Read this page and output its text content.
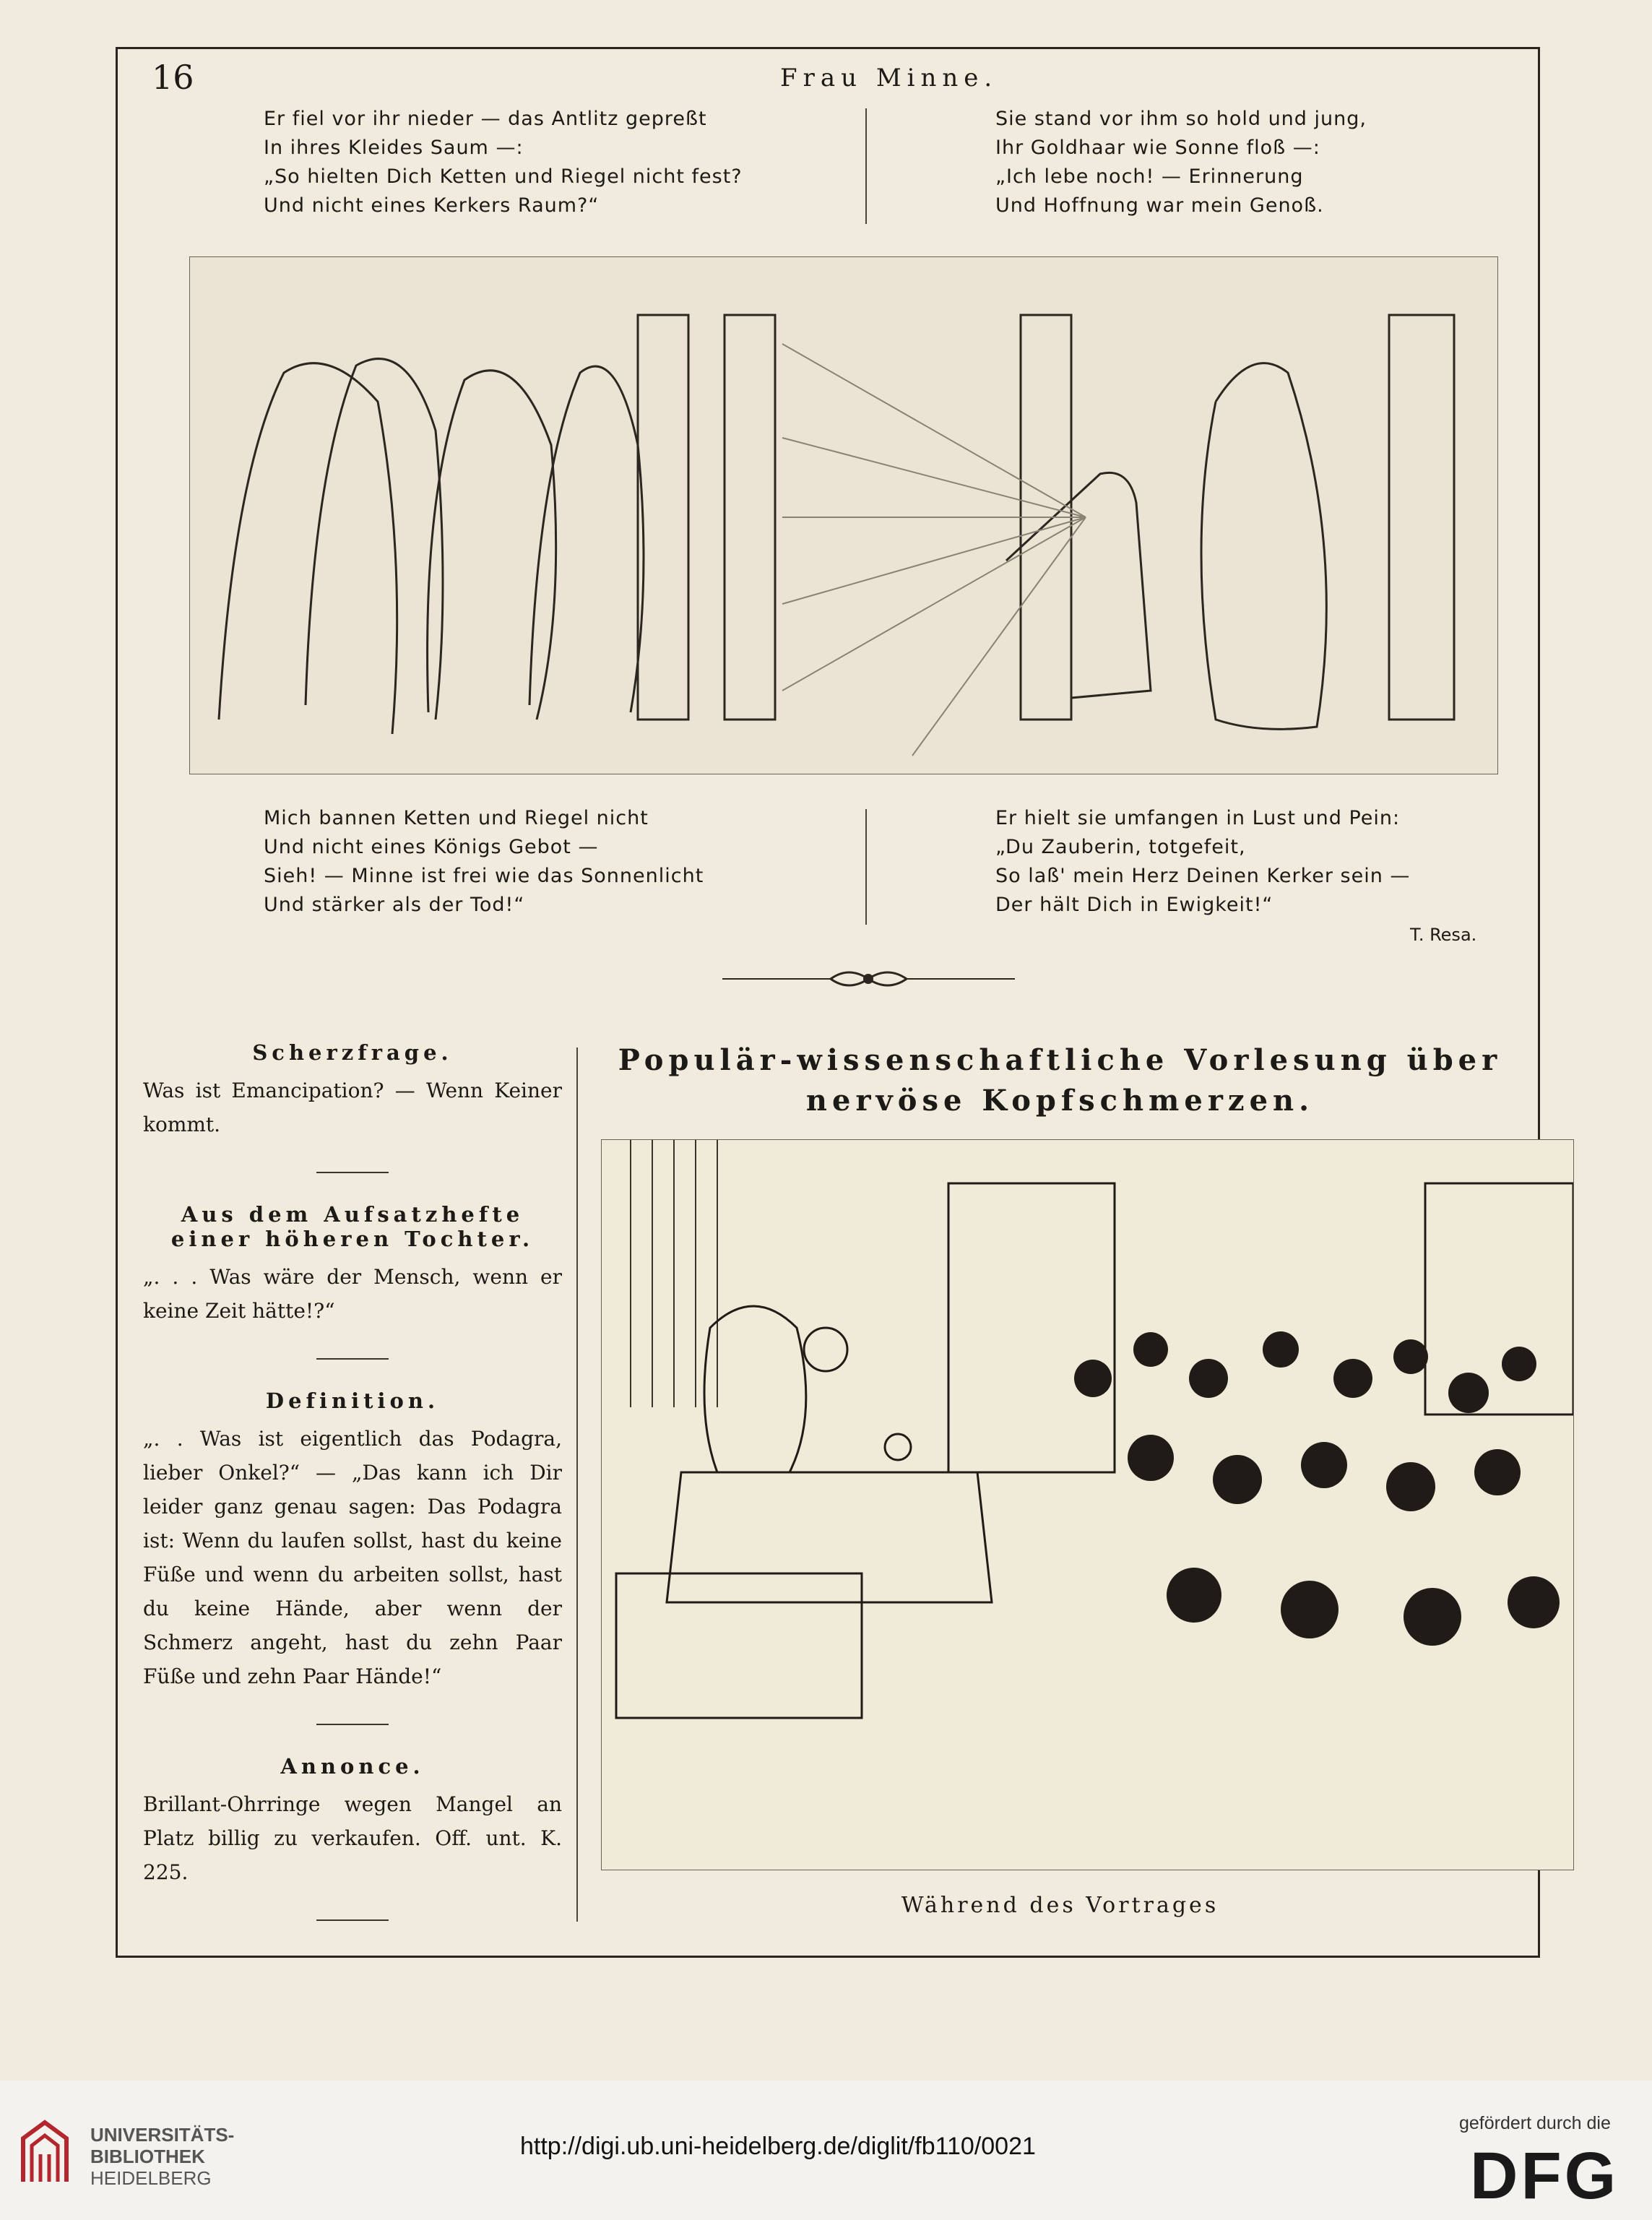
16	Frau Minne.
Er fiel vor ihr nieder — das Antlitz gepreßt
In ihres Kleides Saum —:
„So hielten Dich Ketten und Riegel nicht fest?
Und nicht eines Kerkers Raum?“
Sie stand vor ihm so hold und jung,
Ihr Goldhaar wie Sonne floß —:
„Ich lebe noch! — Erinnerung
Und Hoffnung war mein Genoß.
Mich bannen Ketten und Riegel nicht
Und nicht eines Königs Gebot —
Sieh! — Minne ist frei wie das Sonnenlicht
Und stärker als der Tod!“
Er hielt sie umfangen in Lust und Pein:
„Du Zauberin, totgefeit,
So laß' mein Herz Deinen Kerker sein —
Der hält Dich in Ewigkeit!“
T. Resa.
Scherzfrage.

Was ist Emancipation? — Wenn Keiner kommt.

Aus dem Aufsatzhefte einer höheren Tochter.

„. . . Was wäre der Mensch, wenn er keine Zeit hätte!?“

Definition.

„. . Was ist eigentlich das Podagra, lieber Onkel?“ — „Das kann ich Dir leider ganz genau sagen: Das Podagra ist: Wenn du laufen sollst, hast du keine Füße und wenn du arbeiten sollst, hast du keine Hände, aber wenn der Schmerz angeht, hast du zehn Paar Füße und zehn Paar Hände!“

Annonce.

Brillant-Ohrringe wegen Mangel an Platz billig zu verkaufen. Off. unt. K. 225.

Populär-wissenschaftliche Vorlesung über nervöse Kopfschmerzen.
Während des Vortrages
UNIVERSITÄTS-
BIBLIOTHEK
HEIDELBERG
http://digi.ub.uni-heidelberg.de/diglit/fb110/0021
gefördert durch die
DFG
